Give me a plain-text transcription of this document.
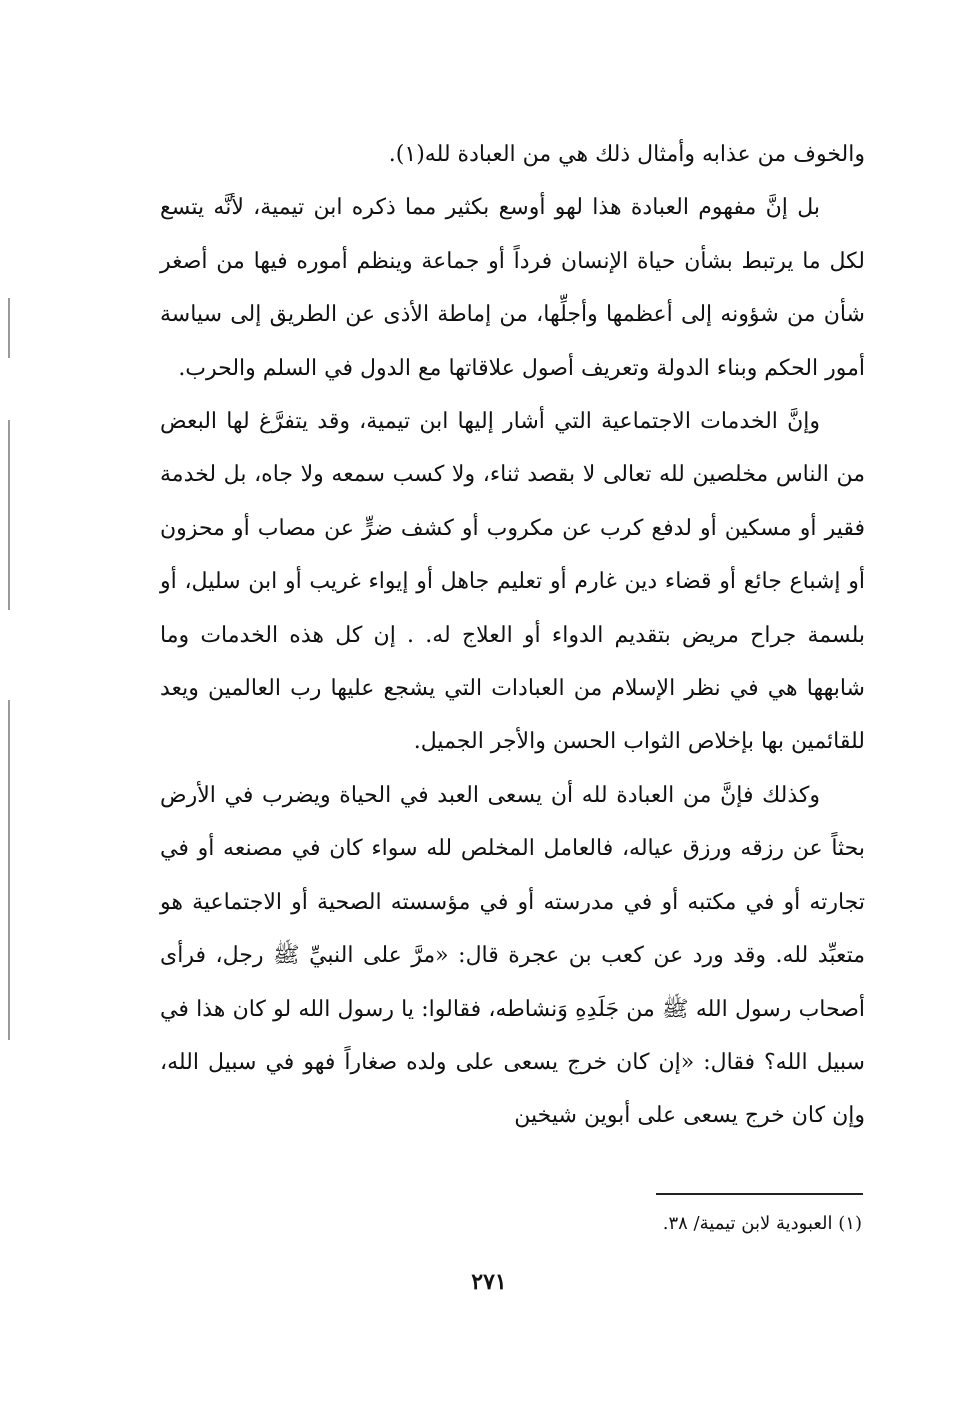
والخوف من عذابه وأمثال ذلك هي من العبادة لله(١).

بل إنَّ مفهوم العبادة هذا لهو أوسع بكثير مما ذكره ابن تيمية، لأنَّه يتسع لكل ما يرتبط بشأن حياة الإنسان فرداً أو جماعة وينظم أموره فيها من أصغر شأن من شؤونه إلى أعظمها وأجلِّها، من إماطة الأذى عن الطريق إلى سياسة أمور الحكم وبناء الدولة وتعريف أصول علاقاتها مع الدول في السلم والحرب.

وإنَّ الخدمات الاجتماعية التي أشار إليها ابن تيمية، وقد يتفرَّغ لها البعض من الناس مخلصين لله تعالى لا بقصد ثناء، ولا كسب سمعه ولا جاه، بل لخدمة فقير أو مسكين أو لدفع كرب عن مكروب أو كشف ضرٍّ عن مصاب أو محزون أو إشباع جائع أو قضاء دين غارم أو تعليم جاهل أو إيواء غريب أو ابن سليل، أو بلسمة جراح مريض بتقديم الدواء أو العلاج له. . إن كل هذه الخدمات وما شابهها هي في نظر الإسلام من العبادات التي يشجع عليها رب العالمين ويعد للقائمين بها بإخلاص الثواب الحسن والأجر الجميل.

وكذلك فإنَّ من العبادة لله أن يسعى العبد في الحياة ويضرب في الأرض بحثاً عن رزقه ورزق عياله، فالعامل المخلص لله سواء كان في مصنعه أو في تجارته أو في مكتبه أو في مدرسته أو في مؤسسته الصحية أو الاجتماعية هو متعبِّد لله. وقد ورد عن كعب بن عجرة قال: «مرَّ على النبيِّ ﷺ رجل، فرأى أصحاب رسول الله ﷺ من جَلَدِهِ وَنشاطه، فقالوا: يا رسول الله لو كان هذا في سبيل الله؟ فقال: «إن كان خرج يسعى على ولده صغاراً فهو في سبيل الله، وإن كان خرج يسعى على أبوين شيخين

(١) العبودية لابن تيمية/ ٣٨.
٢٧١
